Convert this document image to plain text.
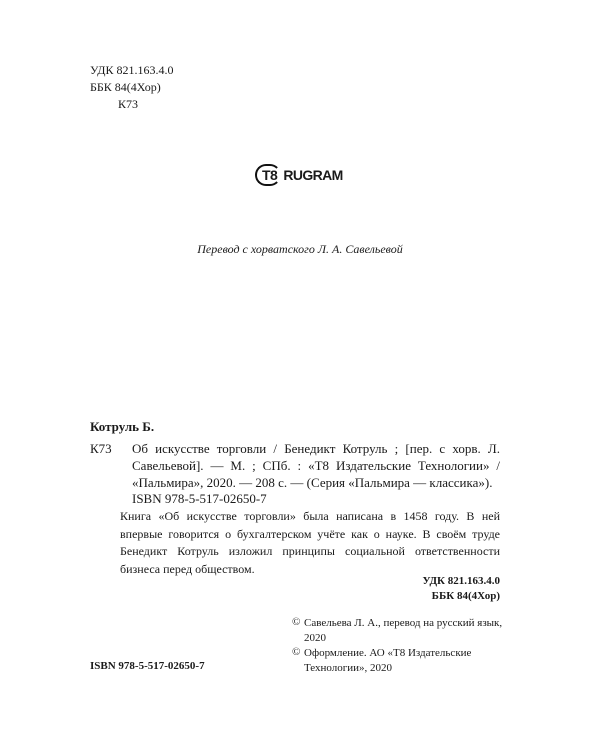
УДК 821.163.4.0
ББК 84(4Хор)
К73
T8 RUGRAM
Перевод с хорватского Л. А. Савельевой
Котруль Б.
К73 Об искусстве торговли / Бенедикт Котруль ; [пер. с хорв. Л. Савельевой]. — М. ; СПб. : «Т8 Издательские Технологии» / «Пальмира», 2020. — 208 с. — (Серия «Пальмира — классика»).
ISBN 978-5-517-02650-7
Книга «Об искусстве торговли» была написана в 1458 году. В ней впервые говорится о бухгалтерском учёте как о науке. В своём труде Бенедикт Котруль изложил принципы социальной ответственности бизнеса перед обществом.
УДК 821.163.4.0
ББК 84(4Хор)
ISBN 978-5-517-02650-7
© Савельева Л. А., перевод на русский язык, 2020
© Оформление. АО «Т8 Издательские Технологии», 2020
